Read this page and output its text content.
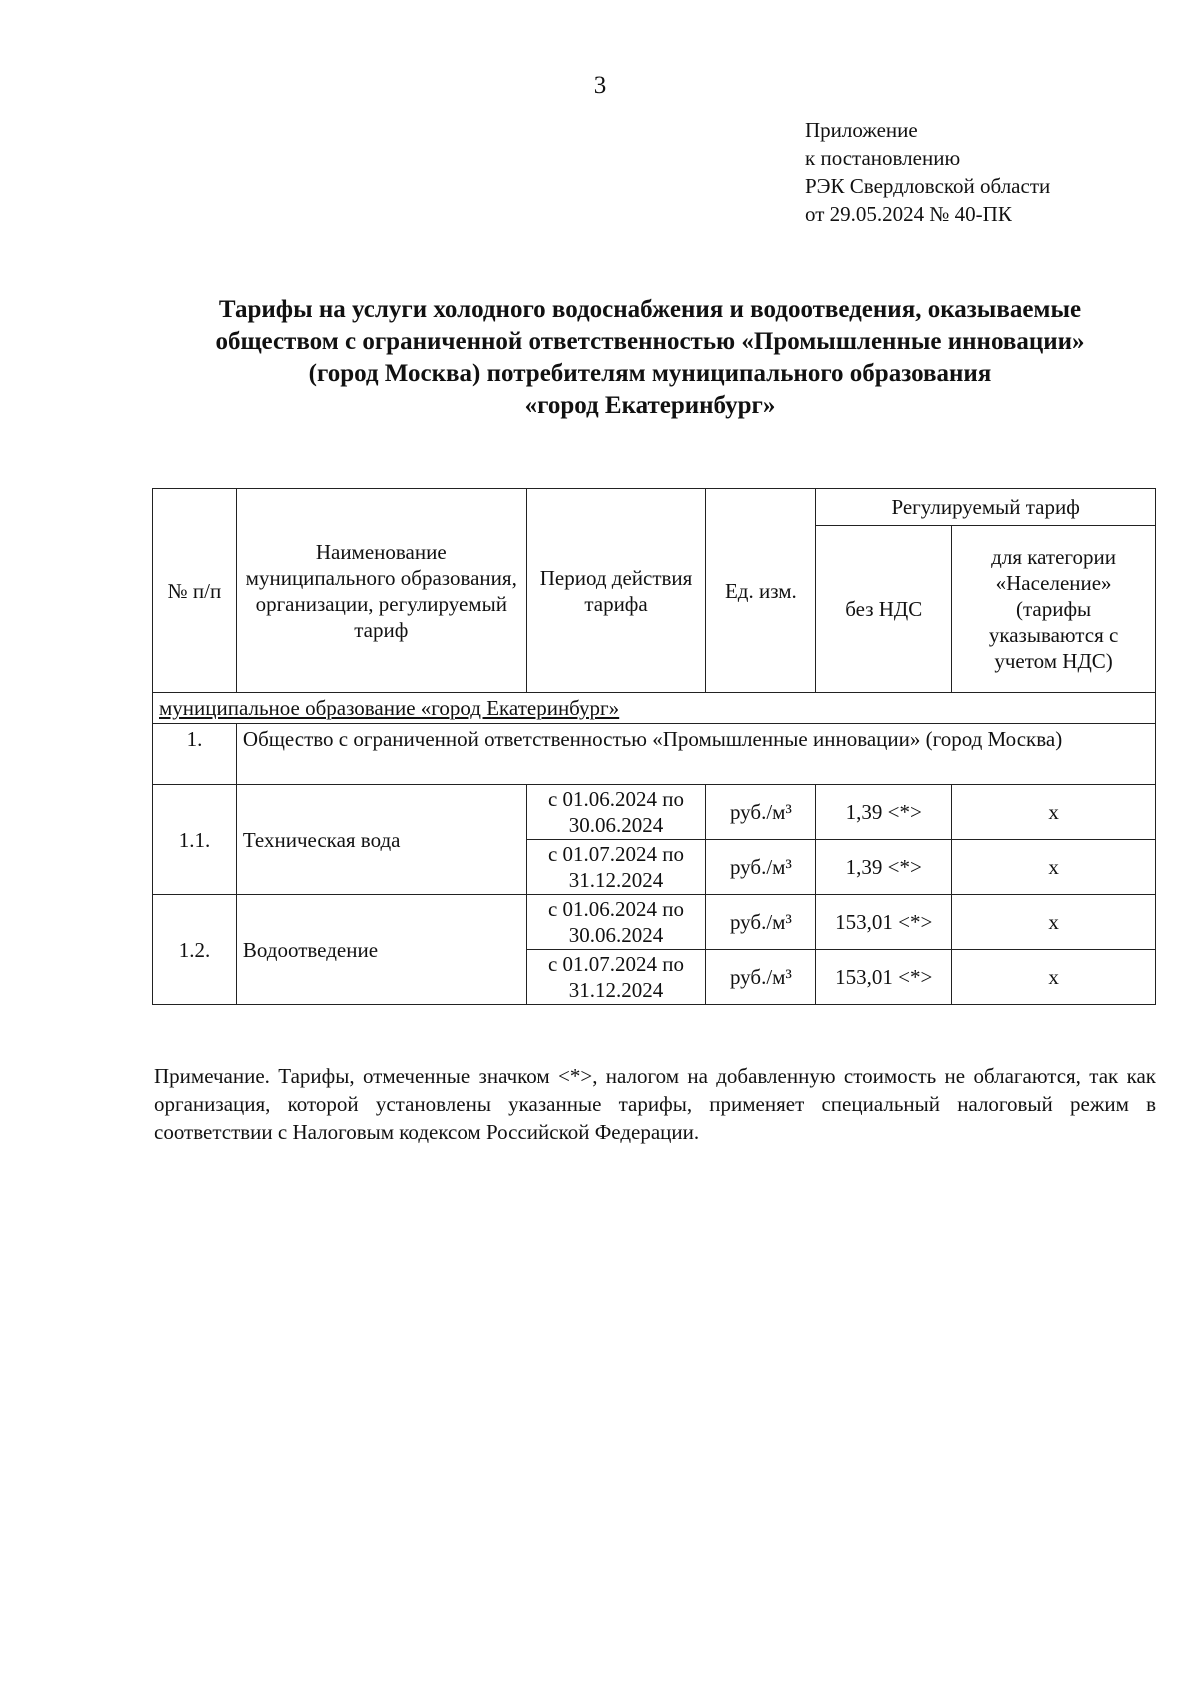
3
Приложение
к постановлению
РЭК Свердловской области
от 29.05.2024 № 40-ПК
Тарифы на услуги холодного водоснабжения и водоотведения, оказываемые
обществом с ограниченной ответственностью «Промышленные инновации»
(город Москва) потребителям муниципального образования
«город Екатеринбург»
№ п/п	Наименование муниципального образования, организации, регулируемый тариф	Период действия тарифа	Ед. изм.	Регулируемый тариф	
				без НДС	для категории «Население» (тарифы указываются с учетом НДС)
муниципальное образование «город Екатеринбург»					
1.	Общество с ограниченной ответственностью «Промышленные инновации» (город Москва)				
1.1.	Техническая вода	с 01.06.2024 по 30.06.2024	руб./м³	1,39 <*>	х
		с 01.07.2024 по 31.12.2024	руб./м³	1,39 <*>	х
1.2.	Водоотведение	с 01.06.2024 по 30.06.2024	руб./м³	153,01 <*>	х
		с 01.07.2024 по 31.12.2024	руб./м³	153,01 <*>	х
Примечание. Тарифы, отмеченные значком <*>, налогом на добавленную стоимость не облагаются, так как организация, которой установлены указанные тарифы, применяет специальный налоговый режим в соответствии с Налоговым кодексом Российской Федерации.
